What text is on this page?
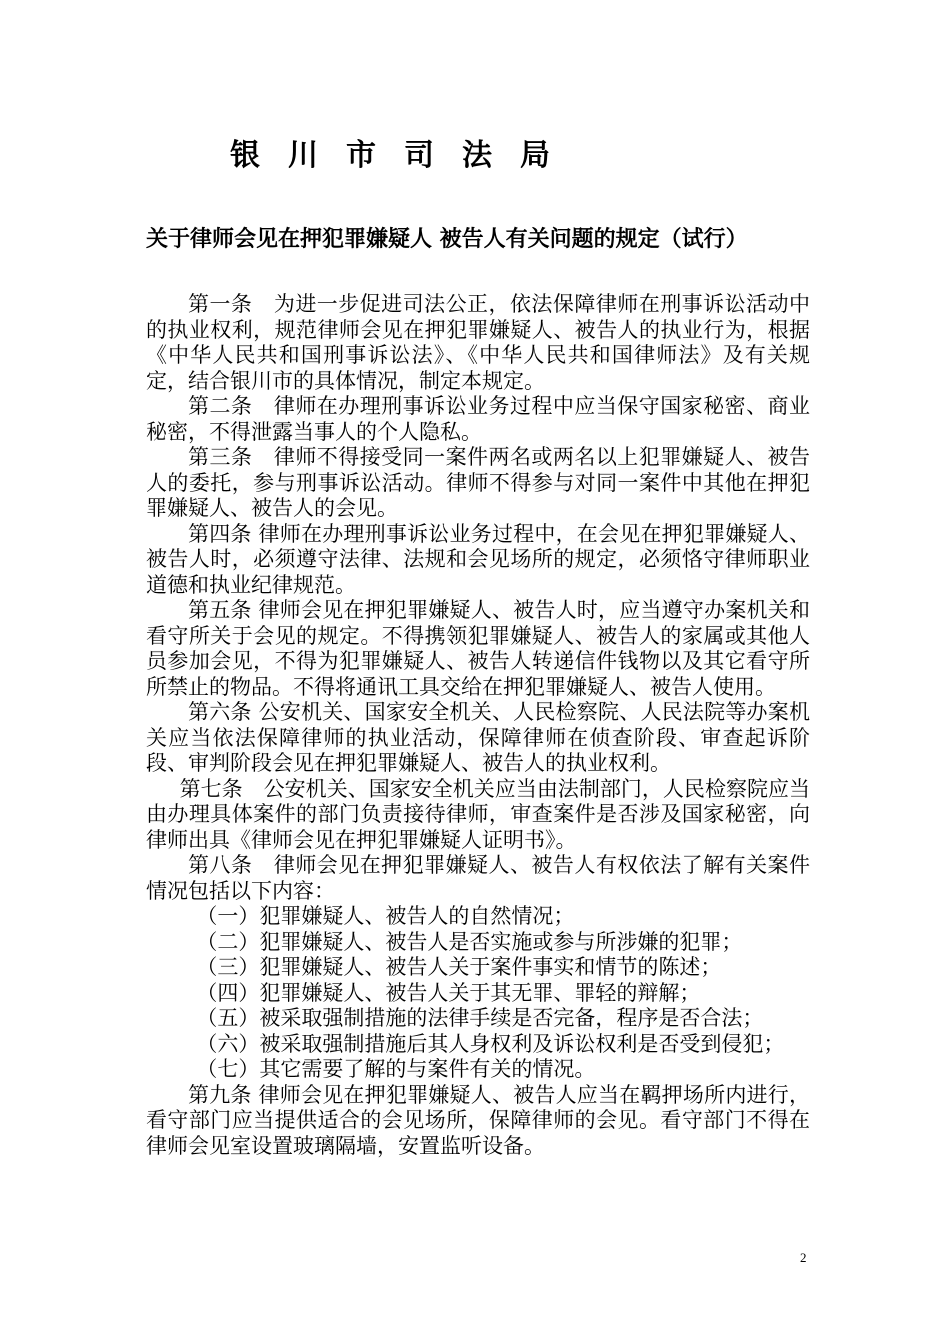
银川市司法局
关于律师会见在押犯罪嫌疑人 被告人有关问题的规定（试行）

第一条　为进一步促进司法公正，依法保障律师在刑事诉讼活动中的执业权利，规范律师会见在押犯罪嫌疑人、被告人的执业行为，根据《中华人民共和国刑事诉讼法》、《中华人民共和国律师法》及有关规定，结合银川市的具体情况，制定本规定。

第二条　律师在办理刑事诉讼业务过程中应当保守国家秘密、商业秘密，不得泄露当事人的个人隐私。

第三条　律师不得接受同一案件两名或两名以上犯罪嫌疑人、被告人的委托，参与刑事诉讼活动。律师不得参与对同一案件中其他在押犯罪嫌疑人、被告人的会见。

第四条 律师在办理刑事诉讼业务过程中，在会见在押犯罪嫌疑人、被告人时，必须遵守法律、法规和会见场所的规定，必须恪守律师职业道德和执业纪律规范。

第五条 律师会见在押犯罪嫌疑人、被告人时，应当遵守办案机关和看守所关于会见的规定。不得携领犯罪嫌疑人、被告人的家属或其他人员参加会见，不得为犯罪嫌疑人、被告人转递信件钱物以及其它看守所所禁止的物品。不得将通讯工具交给在押犯罪嫌疑人、被告人使用。

第六条 公安机关、国家安全机关、人民检察院、人民法院等办案机关应当依法保障律师的执业活动，保障律师在侦查阶段、审查起诉阶段、审判阶段会见在押犯罪嫌疑人、被告人的执业权利。

第七条　公安机关、国家安全机关应当由法制部门，人民检察院应当由办理具体案件的部门负责接待律师，审查案件是否涉及国家秘密，向律师出具《律师会见在押犯罪嫌疑人证明书》。

第八条　律师会见在押犯罪嫌疑人、被告人有权依法了解有关案件情况包括以下内容：

（一）犯罪嫌疑人、被告人的自然情况；

（二）犯罪嫌疑人、被告人是否实施或参与所涉嫌的犯罪；

（三）犯罪嫌疑人、被告人关于案件事实和情节的陈述；

（四）犯罪嫌疑人、被告人关于其无罪、罪轻的辩解；

（五）被采取强制措施的法律手续是否完备，程序是否合法；

（六）被采取强制措施后其人身权利及诉讼权利是否受到侵犯；

（七）其它需要了解的与案件有关的情况。

第九条 律师会见在押犯罪嫌疑人、被告人应当在羁押场所内进行，看守部门应当提供适合的会见场所，保障律师的会见。看守部门不得在律师会见室设置玻璃隔墙，安置监听设备。

2
